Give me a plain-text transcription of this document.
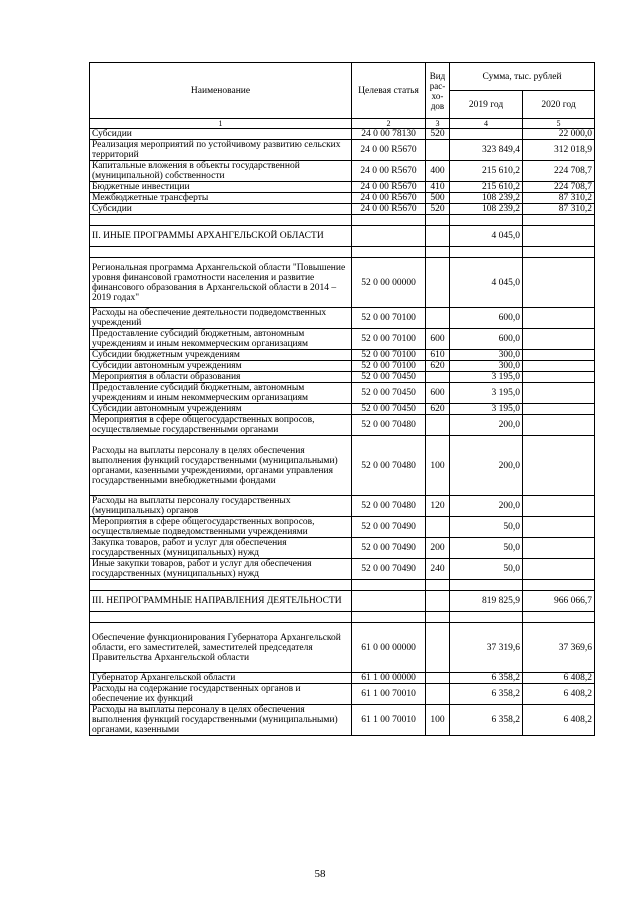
Наименование	Целевая статья	Вид рас-хо-дов	Сумма, тыс. рублей	
			2019 год	2020 год
1	2	3	4	5
Субсидии	24 0 00 78130	520		22 000,0
Реализация мероприятий по устойчивому развитию сельских территорий	24 0 00 R5670		323 849,4	312 018,9
Капитальные вложения в объекты государственной (муниципальной) собственности	24 0 00 R5670	400	215 610,2	224 708,7
Бюджетные инвестиции	24 0 00 R5670	410	215 610,2	224 708,7
Межбюджетные трансферты	24 0 00 R5670	500	108 239,2	87 310,2
Субсидии	24 0 00 R5670	520	108 239,2	87 310,2

II. ИНЫЕ ПРОГРАММЫ АРХАНГЕЛЬСКОЙ ОБЛАСТИ			4 045,0	

Региональная программа Архангельской области "Повышение уровня финансовой грамотности населения и развитие финансового образования в Архангельской области в 2014 – 2019 годах"	52 0 00 00000		4 045,0	
Расходы на обеспечение деятельности подведомственных учреждений	52 0 00 70100		600,0	
Предоставление субсидий бюджетным, автономным учреждениям и иным некоммерческим организациям	52 0 00 70100	600	600,0	
Субсидии бюджетным учреждениям	52 0 00 70100	610	300,0	
Субсидии автономным учреждениям	52 0 00 70100	620	300,0	
Мероприятия в области образования	52 0 00 70450		3 195,0	
Предоставление субсидий бюджетным, автономным учреждениям и иным некоммерческим организациям	52 0 00 70450	600	3 195,0	
Субсидии автономным учреждениям	52 0 00 70450	620	3 195,0	
Мероприятия в сфере общегосударственных вопросов, осуществляемые государственными органами	52 0 00 70480		200,0	
Расходы на выплаты персоналу в целях обеспечения выполнения функций государственными (муниципальными) органами, казенными учреждениями, органами управления государственными внебюджетными фондами	52 0 00 70480	100	200,0	
Расходы на выплаты персоналу государственных (муниципальных) органов	52 0 00 70480	120	200,0	
Мероприятия в сфере общегосударственных вопросов, осуществляемые подведомственными учреждениями	52 0 00 70490		50,0	
Закупка товаров, работ и услуг для обеспечения государственных (муниципальных) нужд	52 0 00 70490	200	50,0	
Иные закупки товаров, работ и услуг для обеспечения государственных (муниципальных) нужд	52 0 00 70490	240	50,0	

III. НЕПРОГРАММНЫЕ НАПРАВЛЕНИЯ ДЕЯТЕЛЬНОСТИ			819 825,9	966 066,7

Обеспечение функционирования Губернатора Архангельской области, его заместителей, заместителей председателя Правительства Архангельской области	61 0 00 00000		37 319,6	37 369,6
Губернатор Архангельской области	61 1 00 00000		6 358,2	6 408,2
Расходы на содержание государственных органов и обеспечение их функций	61 1 00 70010		6 358,2	6 408,2
Расходы на выплаты персоналу в целях обеспечения выполнения функций государственными (муниципальными) органами, казенными	61 1 00 70010	100	6 358,2	6 408,2
58
